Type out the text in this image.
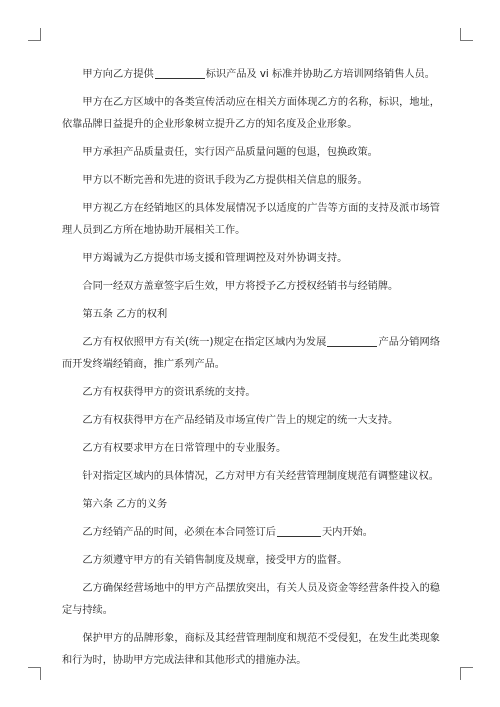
甲方向乙方提供	标识产品及 vi 标准并协助乙方培训网络销售人员。

甲方在乙方区域中的各类宣传活动应在相关方面体现乙方的名称，标识，地址，依靠品牌日益提升的企业形象树立提升乙方的知名度及企业形象。

甲方承担产品质量责任，实行因产品质量问题的包退，包换政策。

甲方以不断完善和先进的资讯手段为乙方提供相关信息的服务。

甲方视乙方在经销地区的具体发展情况予以适度的广告等方面的支持及派市场管理人员到乙方所在地协助开展相关工作。

甲方竭诚为乙方提供市场支援和管理调控及对外协调支持。

合同一经双方盖章签字后生效，甲方将授予乙方授权经销书与经销牌。

第五条 乙方的权利

乙方有权依照甲方有关(统一)规定在指定区域内为发展	产品分销网络而开发终端经销商，推广系列产品。

乙方有权获得甲方的资讯系统的支持。

乙方有权获得甲方在产品经销及市场宣传广告上的规定的统一大支持。

乙方有权要求甲方在日常管理中的专业服务。

针对指定区域内的具体情况，乙方对甲方有关经营管理制度规范有调整建议权。

第六条 乙方的义务

乙方经销产品的时间，必须在本合同签订后	天内开始。

乙方须遵守甲方的有关销售制度及规章，接受甲方的监督。

乙方确保经营场地中的甲方产品摆放突出，有关人员及资金等经营条件投入的稳定与持续。

保护甲方的品牌形象，商标及其经营管理制度和规范不受侵犯，在发生此类现象和行为时，协助甲方完成法律和其他形式的措施办法。
